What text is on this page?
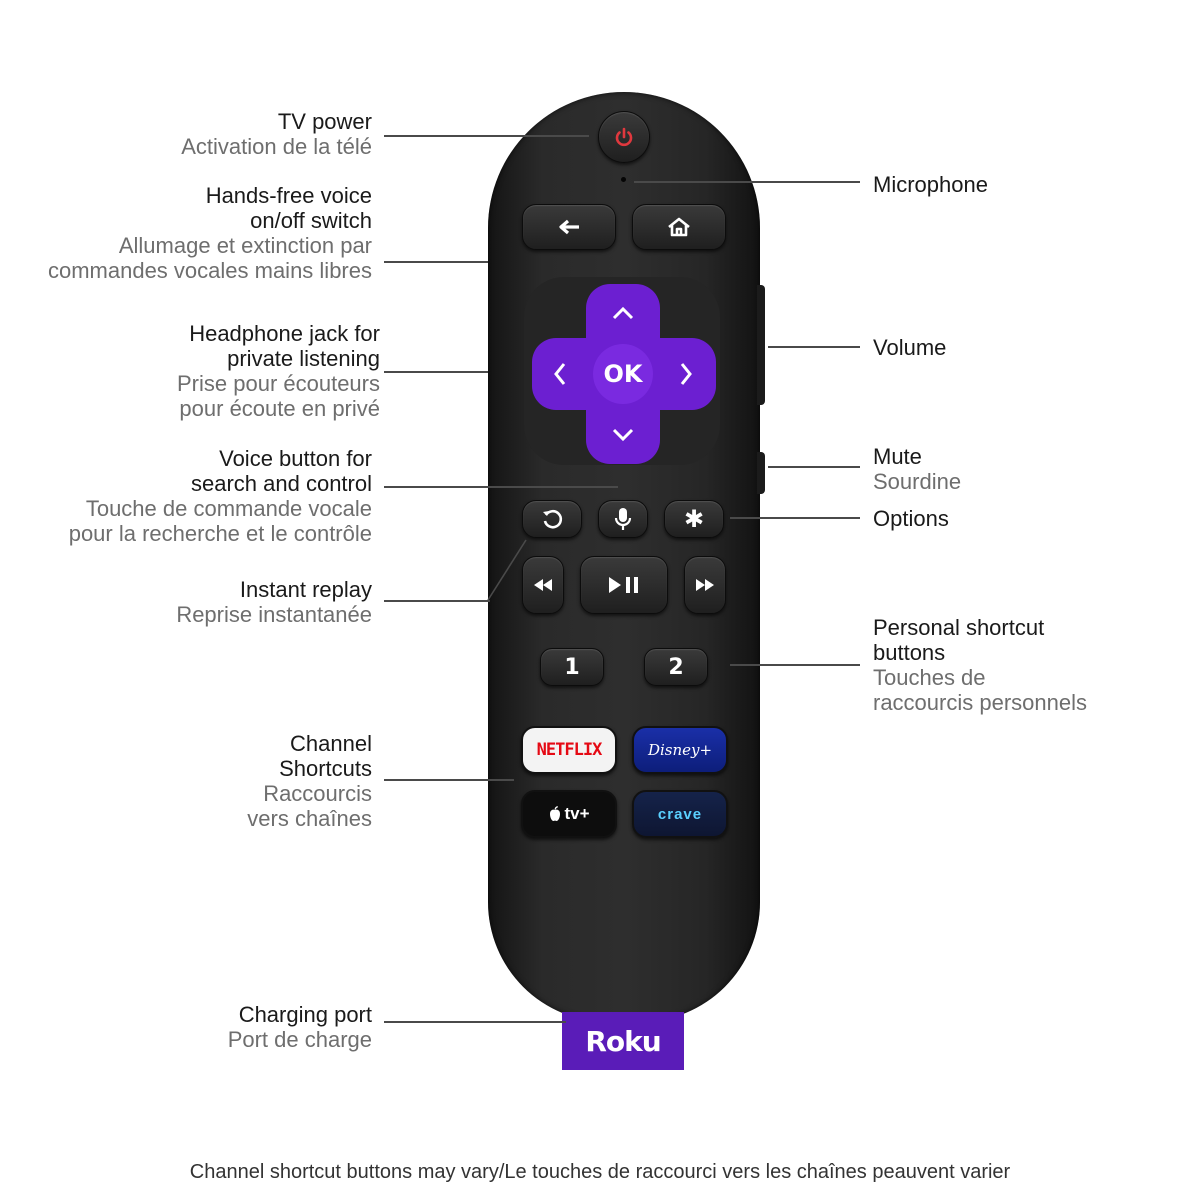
OK
✱
1	2
NETFLIX	Disney+
tv+	crave
Roku
TV power
Activation de la télé
Hands-free voice
on/off switch
Allumage et extinction par
commandes vocales mains libres
Headphone jack for
private listening
Prise pour écouteurs
pour écoute en privé
Voice button for
search and control
Touche de commande vocale
pour la recherche et le contrôle
Instant replay
Reprise instantanée
Channel
Shortcuts
Raccourcis
vers chaînes
Charging port
Port de charge
Microphone
Volume
Mute
Sourdine
Options
Personal shortcut
buttons
Touches de
raccourcis personnels
Channel shortcut buttons may vary/Le touches de raccourci vers les chaînes peauvent varier
